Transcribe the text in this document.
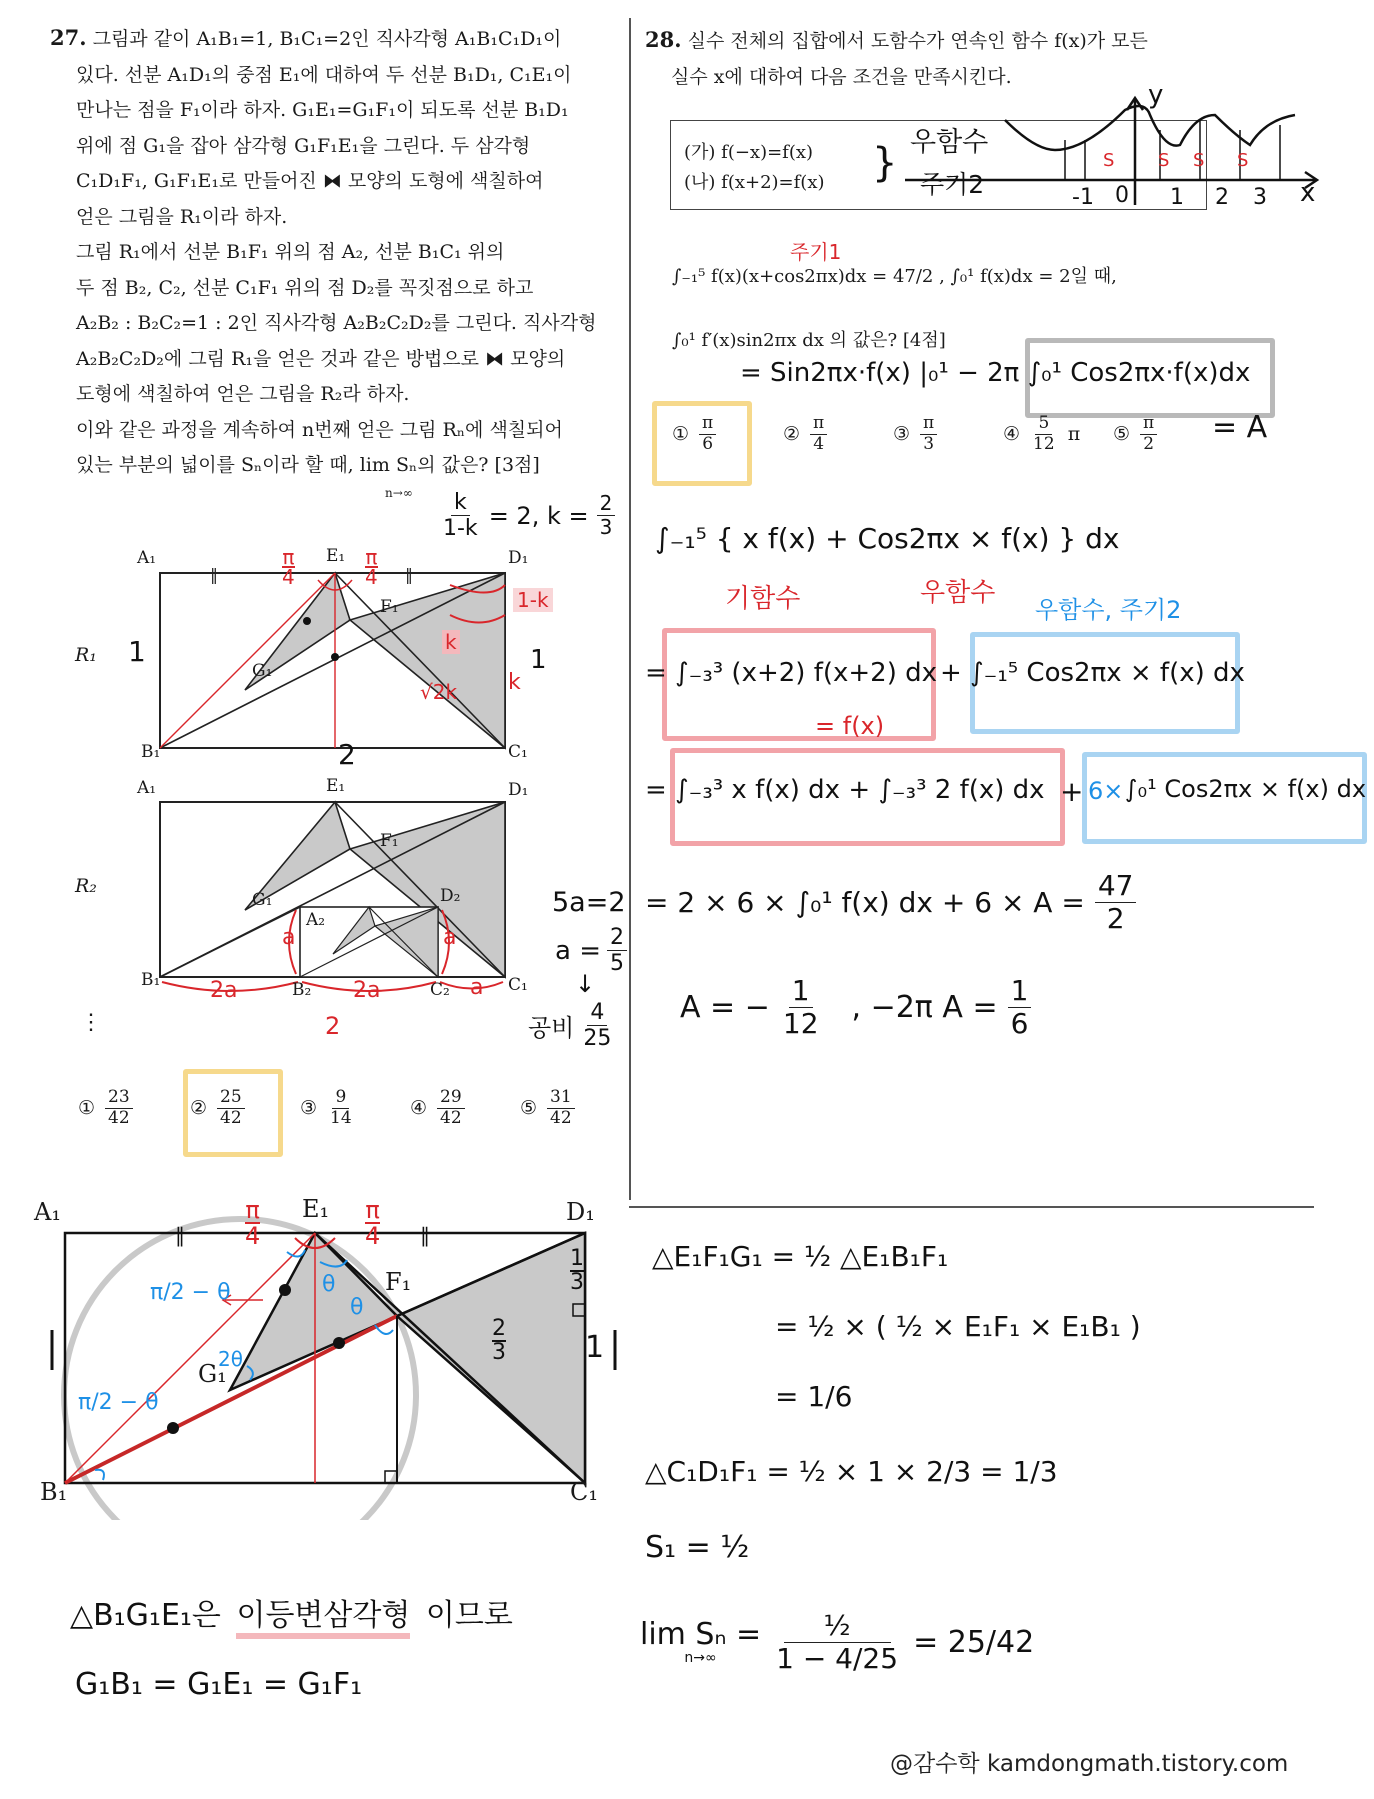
27. 그림과 같이 A₁B₁=1, B₁C₁=2인 직사각형 A₁B₁C₁D₁이

있다. 선분 A₁D₁의 중점 E₁에 대하여 두 선분 B₁D₁, C₁E₁이

만나는 점을 F₁이라 하자. G₁E₁=G₁F₁이 되도록 선분 B₁D₁

위에 점 G₁을 잡아 삼각형 G₁F₁E₁을 그린다. 두 삼각형

C₁D₁F₁, G₁F₁E₁로 만들어진 ⧓ 모양의 도형에 색칠하여

얻은 그림을 R₁이라 하자.

그림 R₁에서 선분 B₁F₁ 위의 점 A₂, 선분 B₁C₁ 위의

두 점 B₂, C₂, 선분 C₁F₁ 위의 점 D₂를 꼭짓점으로 하고

A₂B₂ : B₂C₂=1 : 2인 직사각형 A₂B₂C₂D₂를 그린다. 직사각형

A₂B₂C₂D₂에 그림 R₁을 얻은 것과 같은 방법으로 ⧓ 모양의

도형에 색칠하여 얻은 그림을 R₂라 하자.

이와 같은 과정을 계속하여 n번째 얻은 그림 Rₙ에 색칠되어

있는 부분의 넓이를 Sₙ이라 할 때, lim Sₙ의 값은? [3점]

$n\to\infty \frac{k}{1-k} = 2$, $k = \frac{2}{3}$
‖	‖
R₁
A₁	E₁	D₁
F₁
G₁
B₁	C₁
1	1
2
π
4
π
4
1-k
k
√2k k
R₂
A₁	E₁	D₁
F₁
G₁
A₂
D₂
B₁	B₂	C₂	C₁
a	a
2a	2a	a
2
⋮
5a=2
$a = \frac{2}{5}$
↓
공비 $\frac{4}{25}$
① $\frac{23}{42}$	② $\frac{25}{42}$	③ $\frac{9}{14}$	④ $\frac{29}{42}$	⑤ $\frac{31}{42}$

28. 실수 전체의 집합에서 도함수가 연속인 함수 f(x)가 모든

실수 x에 대하여 다음 조건을 만족시킨다.

(가) f(−x)=f(x)
(나) f(x+2)=f(x) } 우함수
주기2
y
x
-1 0 1 2 3
S S S S
주기1
∫₋₁⁵ f(x)(x+cos2πx)dx = 47/2 , ∫₀¹ f(x)dx = 2일 때,
∫₀¹ f′(x)sin2πx dx 의 값은? [4점]
= Sin2πx·f(x) |₀¹ − 2π ∫₀¹ Cos2πx·f(x)dx
= A
① $\frac{\pi}{6}$	② $\frac{\pi}{4}$	③ $\frac{\pi}{3}$	④ $\frac{5}{12}$ π ⑤ $\frac{\pi}{2}$
∫₋₁⁵ { x f(x) + Cos2πx × f(x) } dx
기함수	우함수
우함수, 주기2
= ∫₋₃³ (x+2) f(x+2) dx + ∫₋₁⁵ Cos2πx × f(x) dx
= f(x)
= ∫₋₃³ x f(x) dx + ∫₋₃³ 2 f(x) dx + 6× ∫₀¹ Cos2πx × f(x) dx
= 2 × 6 × ∫₀¹ f(x) dx + $6 \times A = \frac{47}{2}$
A = − $\frac{1}{12}$ , −2π $A = \frac{1}{6}$
‖	‖
A₁	E₁	D₁
F₁
G₁
B₁	C₁
π
4
π
4
π/2 − θ
π/2 − θ
θ
θ
2θ	1
1
3
2
3
△B₁G₁E₁은 이등변삼각형 이므로
G₁B₁ = G₁E₁ = G₁F₁
△E₁F₁G₁ = ½ △E₁B₁F₁
= ½ × ( ½ × E₁F₁ × E₁B₁ )
= 1/6
△C₁D₁F₁ = ½ × 1 × 2/3 = 1/3
S₁ = ½
lim Sₙ =
$n\to\infty \frac{\text{½}}{1 - 4/25} = 25/42$
@감수학 kamdongmath.tistory.com
